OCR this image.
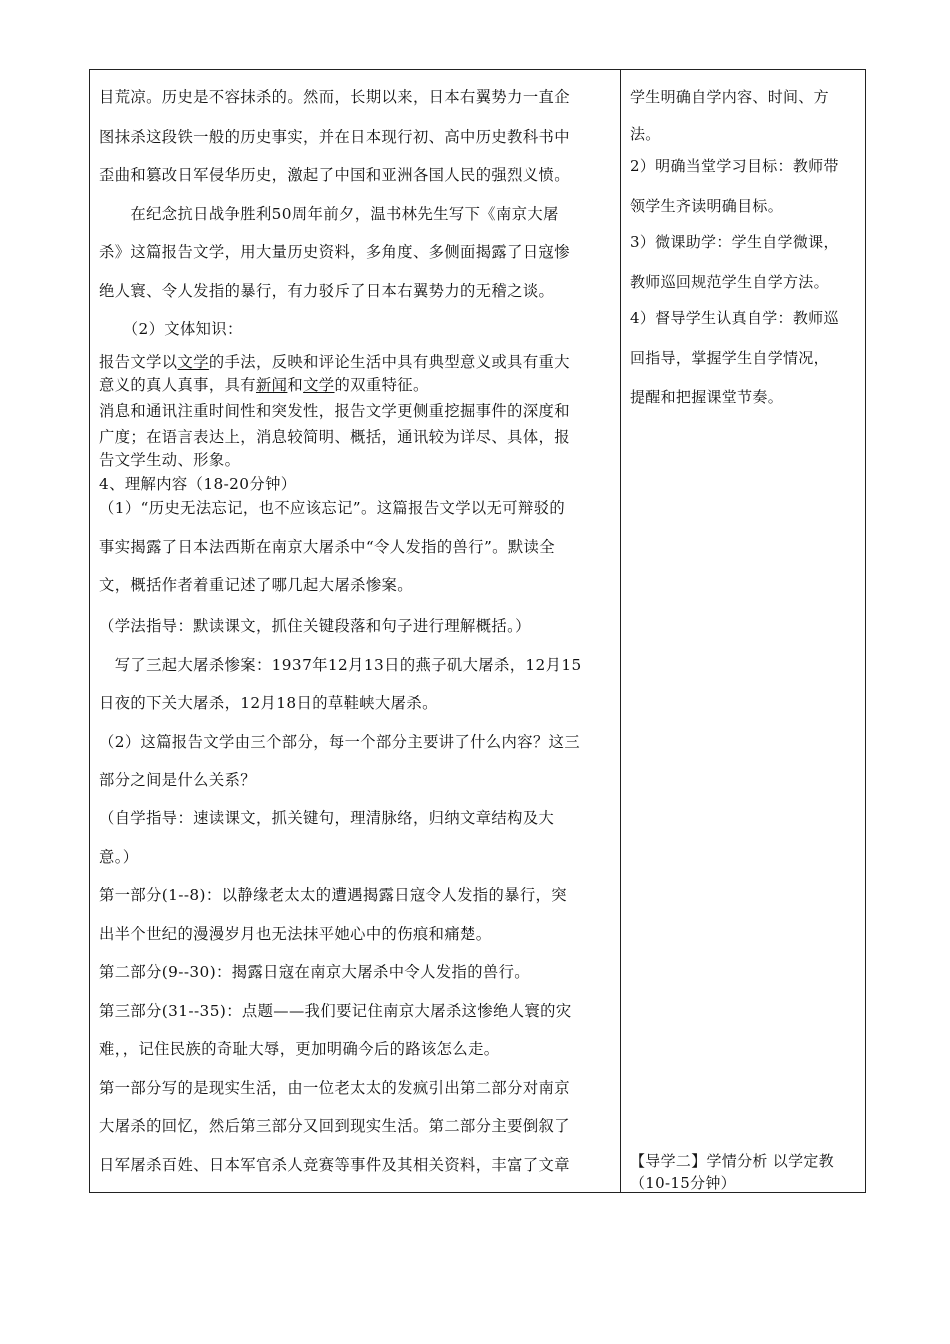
目荒凉。历史是不容抹杀的。然而，长期以来，日本右翼势力一直企
图抹杀这段铁一般的历史事实，并在日本现行初、高中历史教科书中
歪曲和篡改日军侵华历史，激起了中国和亚洲各国人民的强烈义愤。
　　在纪念抗日战争胜利50周年前夕，温书林先生写下《南京大屠
杀》这篇报告文学，用大量历史资料，多角度、多侧面揭露了日寇惨
绝人寰、令人发指的暴行，有力驳斥了日本右翼势力的无稽之谈。
　　（2）文体知识：
报告文学以文学的手法，反映和评论生活中具有典型意义或具有重大
意义的真人真事，具有新闻和文学的双重特征。
消息和通讯注重时间性和突发性，报告文学更侧重挖掘事件的深度和
广度；在语言表达上，消息较简明、概括，通讯较为详尽、具体，报
告文学生动、形象。
4、理解内容（18-20分钟）
（1）“历史无法忘记，也不应该忘记”。这篇报告文学以无可辩驳的
事实揭露了日本法西斯在南京大屠杀中“令人发指的兽行”。默读全
文，概括作者着重记述了哪几起大屠杀惨案。
（学法指导：默读课文，抓住关键段落和句子进行理解概括。）
　写了三起大屠杀惨案：1937年12月13日的燕子矶大屠杀，12月15
日夜的下关大屠杀，12月18日的草鞋峡大屠杀。
（2）这篇报告文学由三个部分，每一个部分主要讲了什么内容？这三
部分之间是什么关系？
（自学指导：速读课文，抓关键句，理清脉络，归纳文章结构及大
意。）
第一部分(1--8)：以静缘老太太的遭遇揭露日寇令人发指的暴行，突
出半个世纪的漫漫岁月也无法抹平她心中的伤痕和痛楚。
第二部分(9--30)：揭露日寇在南京大屠杀中令人发指的兽行。
第三部分(31--35)：点题——我们要记住南京大屠杀这惨绝人寰的灾
难，，记住民族的奇耻大辱，更加明确今后的路该怎么走。
第一部分写的是现实生活，由一位老太太的发疯引出第二部分对南京
大屠杀的回忆，然后第三部分又回到现实生活。第二部分主要倒叙了
日军屠杀百姓、日本军官杀人竞赛等事件及其相关资料，丰富了文章
学生明确自学内容、时间、方
法。
2）明确当堂学习目标：教师带
领学生齐读明确目标。
3）微课助学：学生自学微课，
教师巡回规范学生自学方法。
4）督导学生认真自学：教师巡
回指导，掌握学生自学情况，
提醒和把握课堂节奏。
【导学二】学情分析 以学定教
（10-15分钟）
